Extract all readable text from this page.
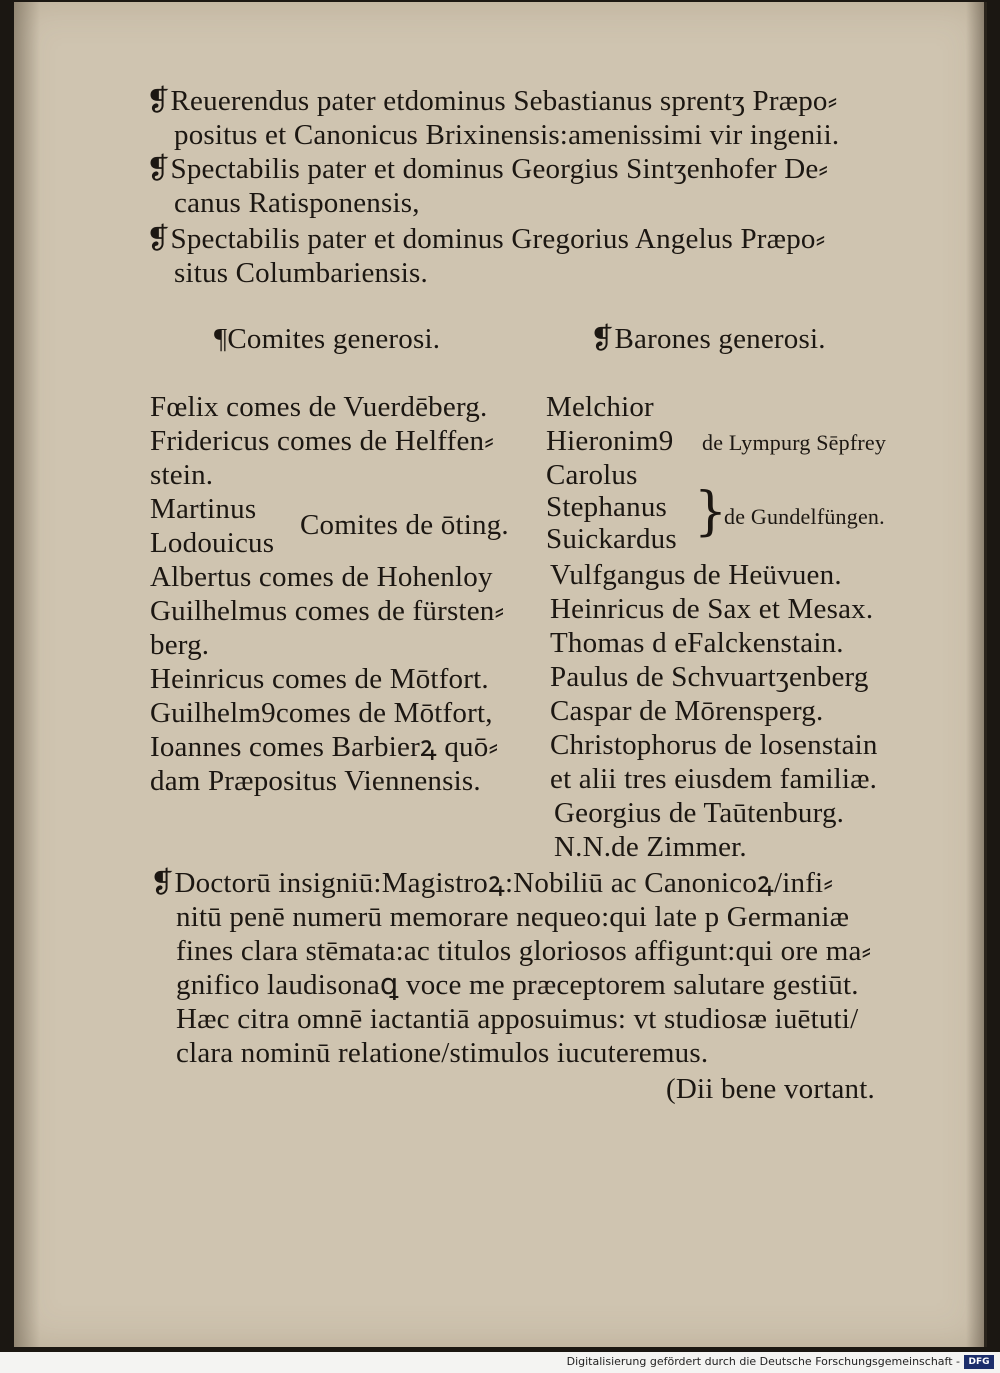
❡Reuerendus pater etdominus Sebastianus sprentʒ Præpo⸗
positus et Canonicus Brixinensis:amenissimi vir ingenii.
❡Spectabilis pater et dominus Georgius Sintʒenhofer De⸗
canus Ratisponensis,
❡Spectabilis pater et dominus Gregorius Angelus Præpo⸗
situs Columbariensis.
¶Comites generosi.	❡Barones generosi.
Fœlix comes de Vuerdēberg.
Fridericus comes de Helffen⸗
stein.
Martinus
Lodouicus
Comites de ōting.
Albertus comes de Hohenloy
Guilhelmus comes de fürsten⸗
berg.
Heinricus comes de Mōtfort.
Guilhelm9comes de Mōtfort,
Ioannes comes Barbierꝝ quō⸗
dam Præpositus Viennensis.
Melchior
Hieronim9 de Lympurg Sēpfrey
Carolus
Stephanus
Suickardus }
de Gundelfüngen.
Vulfgangus de Heüvuen.
Heinricus de Sax et Mesax.
Thomas d eFalckenstain.
Paulus de Schvuartʒenberg
Caspar de Mōrensperg.
Christophorus de losenstain
et alii tres eiusdem familiæ.
Georgius de Taūtenburg.
N.N.de Zimmer.
❡Doctorū insigniū:Magistroꝝ:Nobiliū ac Canonicoꝝ/infi⸗
nitū penē numerū memorare nequeo:qui late p Germaniæ
fines clara stēmata:ac titulos gloriosos affigunt:qui ore ma⸗
gnifico laudisonaꝗ voce me præceptorem salutare gestiūt.
Hæc citra omnē iactantiā apposuimus: vt studiosæ iuētuti/
clara nominū relatione/stimulos iucuteremus.
(Dii bene vortant.
Digitalisierung gefördert durch die Deutsche Forschungsgemeinschaft - DFG
